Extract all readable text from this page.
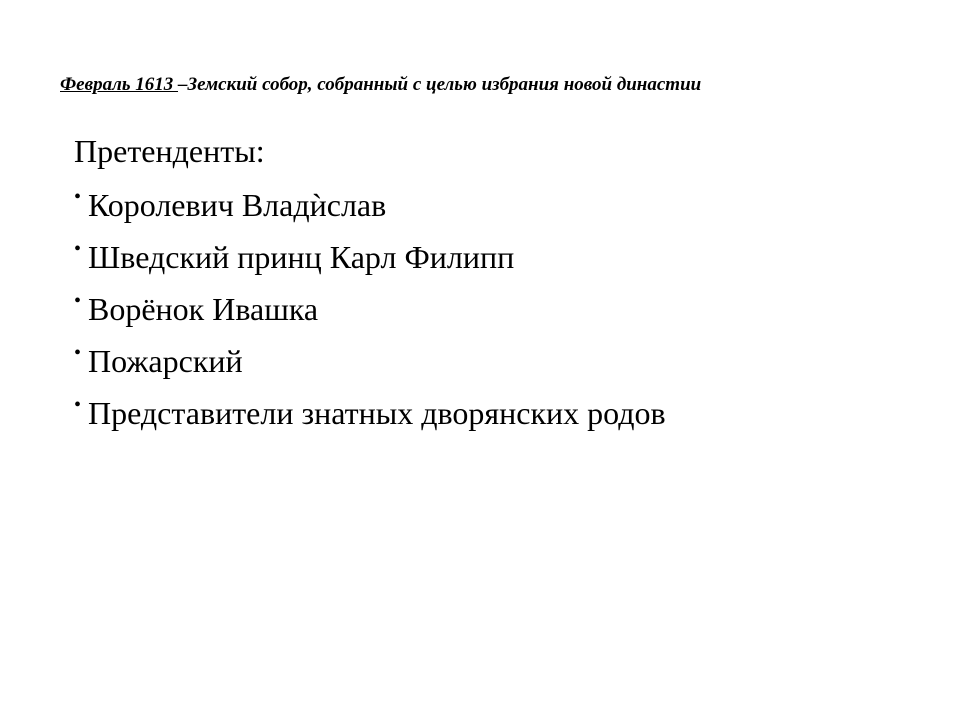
Февраль 1613 –Земский собор, собранный с целью избрания новой династии
Претенденты:
• Королевич Владѝслав
• Шведский принц Карл Филипп
• Ворёнок Ивашка
• Пожарский
• Представители знатных дворянских родов
